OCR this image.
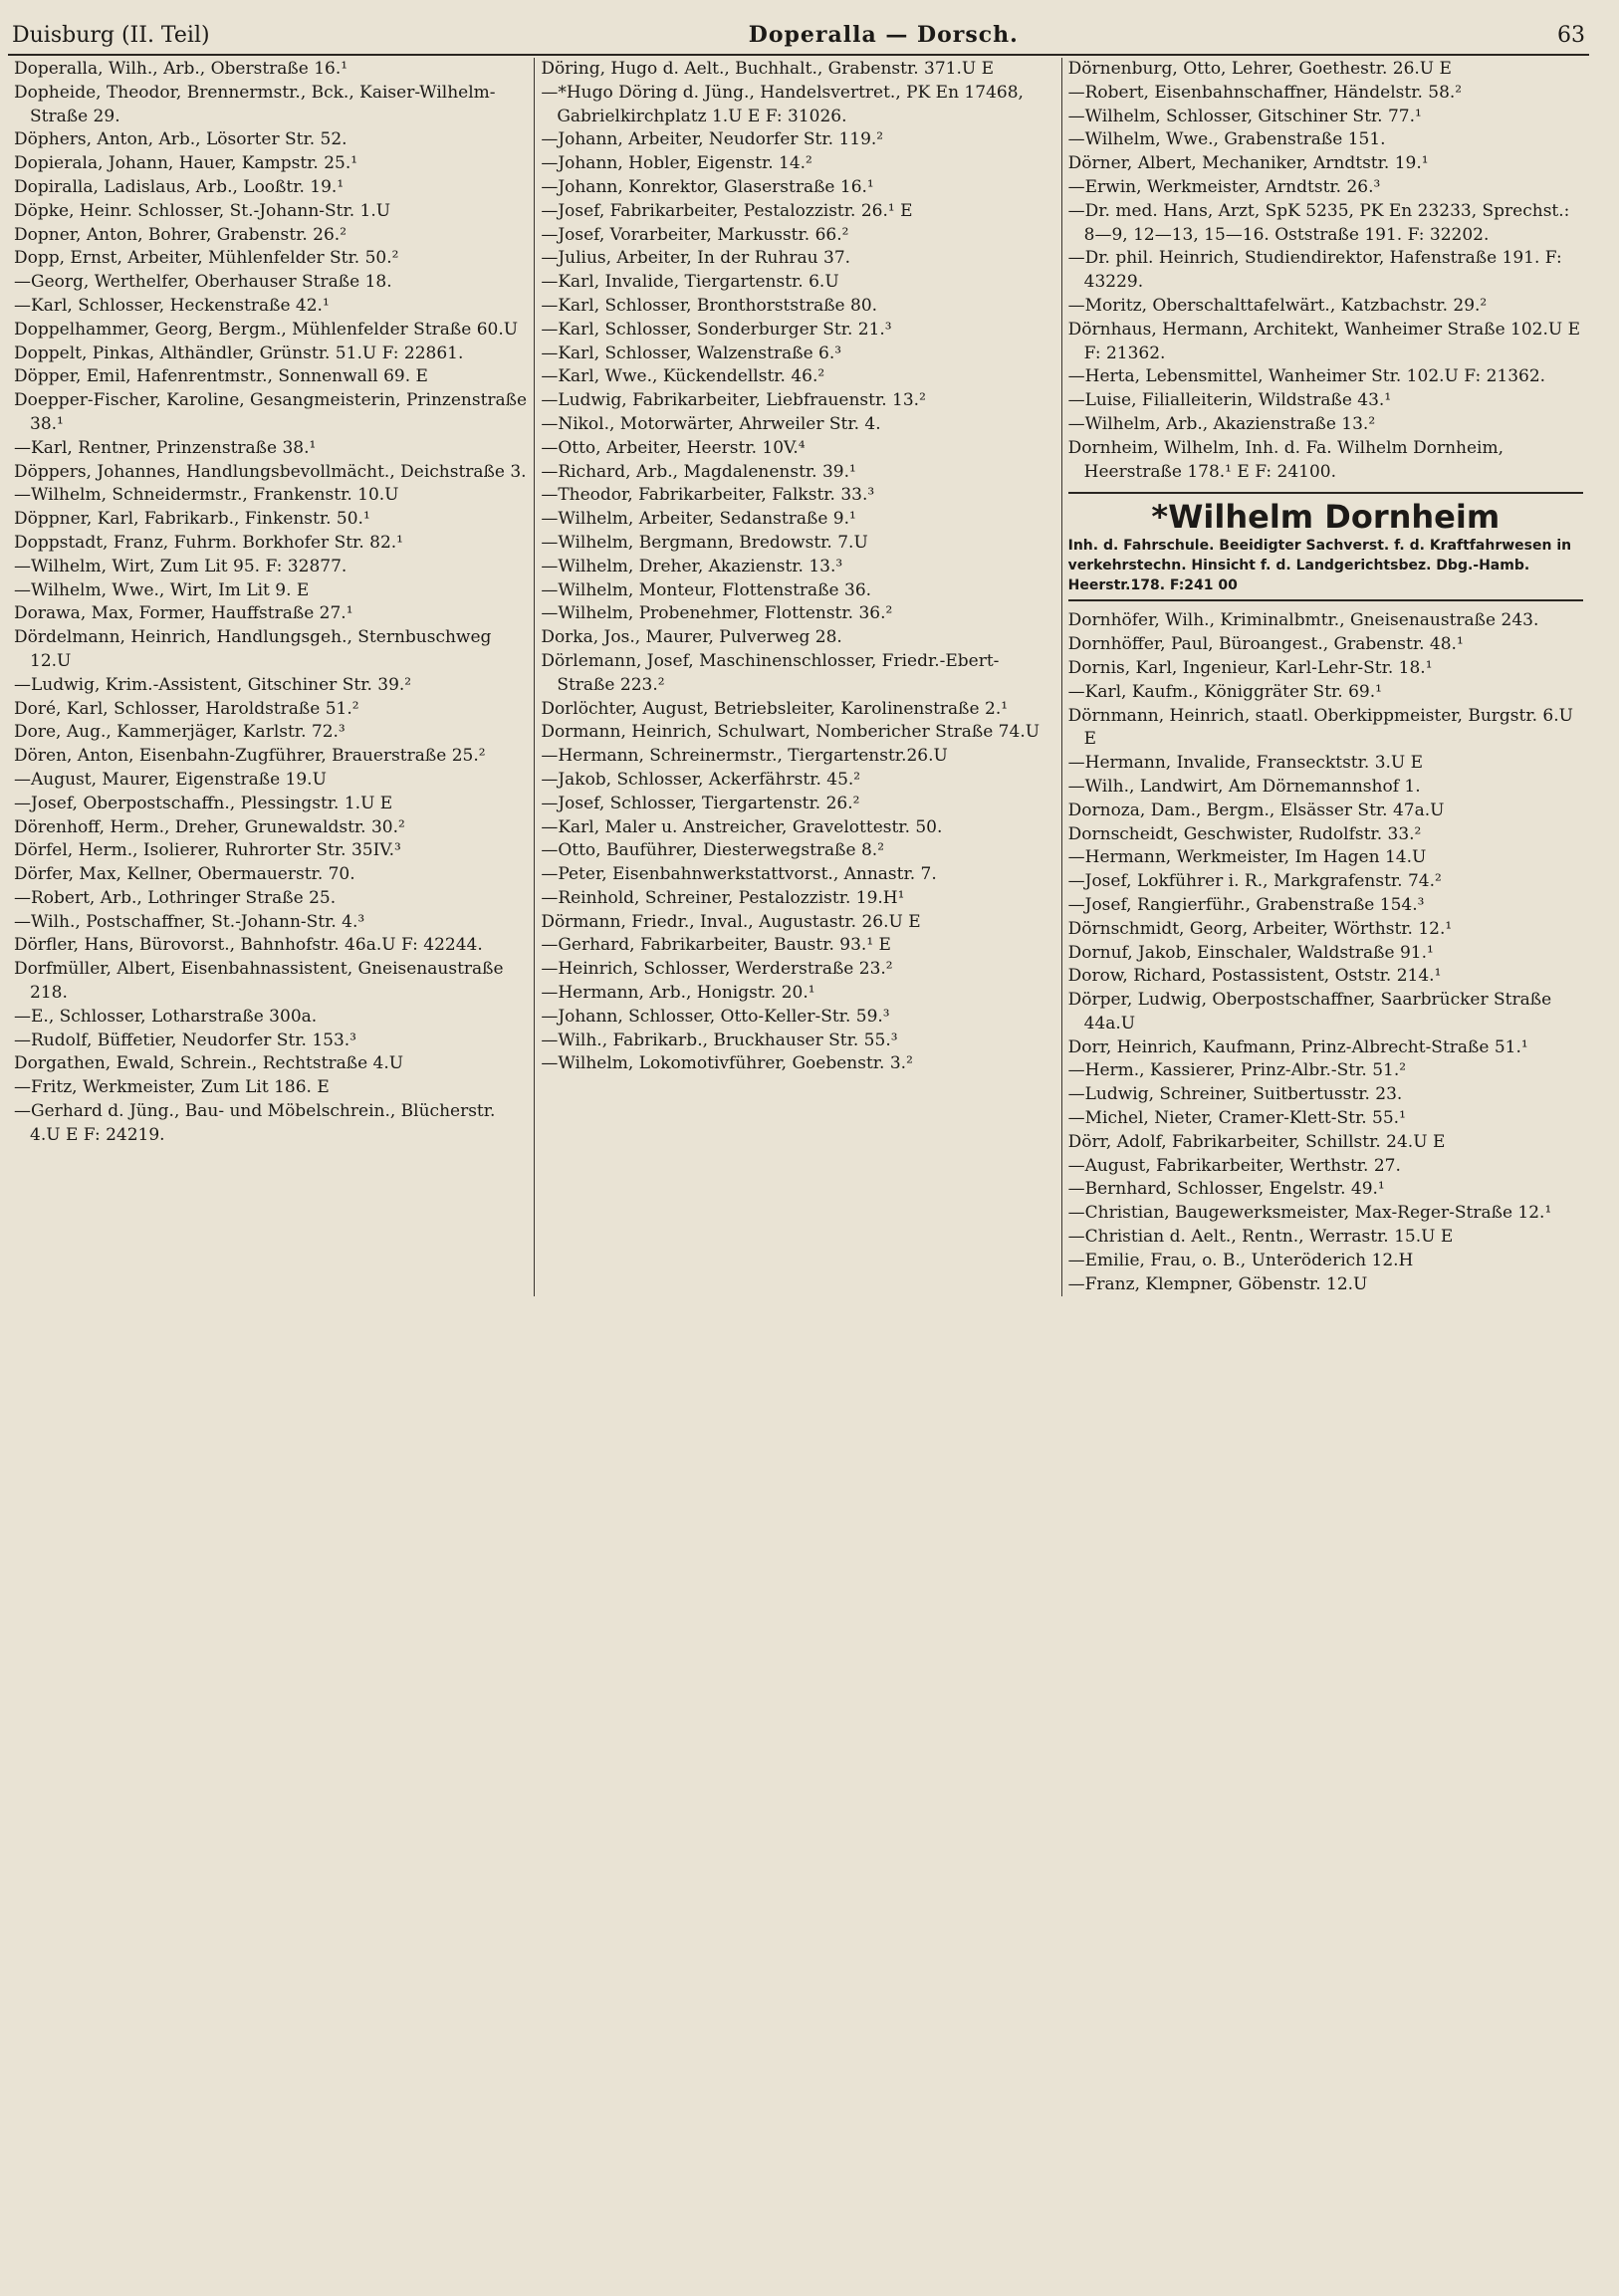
Duisburg (II. Teil)	Doperalla — Dorsch.	63
Doperalla, Wilh., Arb., Oberstraße 16.¹
Dopheide, Theodor, Brennermstr., Bck., Kaiser-Wilhelm-Straße 29.
Döphers, Anton, Arb., Lösorter Str. 52.
Dopierala, Johann, Hauer, Kampstr. 25.¹
Dopiralla, Ladislaus, Arb., Looßtr. 19.¹
Döpke, Heinr. Schlosser, St.-Johann-Str. 1.U
Dopner, Anton, Bohrer, Grabenstr. 26.²
Dopp, Ernst, Arbeiter, Mühlenfelder Str. 50.²
—Georg, Werthelfer, Oberhauser Straße 18.
—Karl, Schlosser, Heckenstraße 42.¹
Doppelhammer, Georg, Bergm., Mühlenfelder Straße 60.U
Doppelt, Pinkas, Althändler, Grünstr. 51.U F: 22861.
Döpper, Emil, Hafenrentmstr., Sonnenwall 69. E
Doepper-Fischer, Karoline, Gesangmeisterin, Prinzenstraße 38.¹
—Karl, Rentner, Prinzenstraße 38.¹
Döppers, Johannes, Handlungsbevollmächt., Deichstraße 3.
—Wilhelm, Schneidermstr., Frankenstr. 10.U
Döppner, Karl, Fabrikarb., Finkenstr. 50.¹
Doppstadt, Franz, Fuhrm. Borkhofer Str. 82.¹
—Wilhelm, Wirt, Zum Lit 95. F: 32877.
—Wilhelm, Wwe., Wirt, Im Lit 9. E
Dorawa, Max, Former, Hauffstraße 27.¹
Dördelmann, Heinrich, Handlungsgeh., Sternbuschweg 12.U
—Ludwig, Krim.-Assistent, Gitschiner Str. 39.²
Doré, Karl, Schlosser, Haroldstraße 51.²
Dore, Aug., Kammerjäger, Karlstr. 72.³
Dören, Anton, Eisenbahn-Zugführer, Brauerstraße 25.²
—August, Maurer, Eigenstraße 19.U
—Josef, Oberpostschaffn., Plessingstr. 1.U E
Dörenhoff, Herm., Dreher, Grunewaldstr. 30.²
Dörfel, Herm., Isolierer, Ruhrorter Str. 35IV.³
Dörfer, Max, Kellner, Obermauerstr. 70.
—Robert, Arb., Lothringer Straße 25.
—Wilh., Postschaffner, St.-Johann-Str. 4.³
Dörfler, Hans, Bürovorst., Bahnhofstr. 46a.U F: 42244.
Dorfmüller, Albert, Eisenbahnassistent, Gneisenaustraße 218.
—E., Schlosser, Lotharstraße 300a.
—Rudolf, Büffetier, Neudorfer Str. 153.³
Dorgathen, Ewald, Schrein., Rechtstraße 4.U
—Fritz, Werkmeister, Zum Lit 186. E
—Gerhard d. Jüng., Bau- und Möbelschrein., Blücherstr. 4.U E F: 24219.
Döring, Hugo d. Aelt., Buchhalt., Grabenstr. 371.U E
—*Hugo Döring d. Jüng., Handelsvertret., PK En 17468, Gabrielkirchplatz 1.U E F: 31026.
—Johann, Arbeiter, Neudorfer Str. 119.²
—Johann, Hobler, Eigenstr. 14.²
—Johann, Konrektor, Glaserstraße 16.¹
—Josef, Fabrikarbeiter, Pestalozzistr. 26.¹ E
—Josef, Vorarbeiter, Markusstr. 66.²
—Julius, Arbeiter, In der Ruhrau 37.
—Karl, Invalide, Tiergartenstr. 6.U
—Karl, Schlosser, Bronthorststraße 80.
—Karl, Schlosser, Sonderburger Str. 21.³
—Karl, Schlosser, Walzenstraße 6.³
—Karl, Wwe., Kückendellstr. 46.²
—Ludwig, Fabrikarbeiter, Liebfrauenstr. 13.²
—Nikol., Motorwärter, Ahrweiler Str. 4.
—Otto, Arbeiter, Heerstr. 10V.⁴
—Richard, Arb., Magdalenenstr. 39.¹
—Theodor, Fabrikarbeiter, Falkstr. 33.³
—Wilhelm, Arbeiter, Sedanstraße 9.¹
—Wilhelm, Bergmann, Bredowstr. 7.U
—Wilhelm, Dreher, Akazienstr. 13.³
—Wilhelm, Monteur, Flottenstraße 36.
—Wilhelm, Probenehmer, Flottenstr. 36.²
Dorka, Jos., Maurer, Pulverweg 28.
Dörlemann, Josef, Maschinenschlosser, Friedr.-Ebert-Straße 223.²
Dorlöchter, August, Betriebsleiter, Karolinenstraße 2.¹
Dormann, Heinrich, Schulwart, Nombericher Straße 74.U
—Hermann, Schreinermstr., Tiergartenstr.26.U
—Jakob, Schlosser, Ackerfährstr. 45.²
—Josef, Schlosser, Tiergartenstr. 26.²
—Karl, Maler u. Anstreicher, Gravelottestr. 50.
—Otto, Bauführer, Diesterwegstraße 8.²
—Peter, Eisenbahnwerkstattvorst., Annastr. 7.
—Reinhold, Schreiner, Pestalozzistr. 19.H¹
Dörmann, Friedr., Inval., Augustastr. 26.U E
—Gerhard, Fabrikarbeiter, Baustr. 93.¹ E
—Heinrich, Schlosser, Werderstraße 23.²
—Hermann, Arb., Honigstr. 20.¹
—Johann, Schlosser, Otto-Keller-Str. 59.³
—Wilh., Fabrikarb., Bruckhauser Str. 55.³
—Wilhelm, Lokomotivführer, Goebenstr. 3.²
Dörnenburg, Otto, Lehrer, Goethestr. 26.U E
—Robert, Eisenbahnschaffner, Händelstr. 58.²
—Wilhelm, Schlosser, Gitschiner Str. 77.¹
—Wilhelm, Wwe., Grabenstraße 151.
Dörner, Albert, Mechaniker, Arndtstr. 19.¹
—Erwin, Werkmeister, Arndtstr. 26.³
—Dr. med. Hans, Arzt, SpK 5235, PK En 23233, Sprechst.: 8—9, 12—13, 15—16. Oststraße 191. F: 32202.
—Dr. phil. Heinrich, Studiendirektor, Hafenstraße 191. F: 43229.
—Moritz, Oberschalttafelwärt., Katzbachstr. 29.²
Dörnhaus, Hermann, Architekt, Wanheimer Straße 102.U E F: 21362.
—Herta, Lebensmittel, Wanheimer Str. 102.U F: 21362.
—Luise, Filialleiterin, Wildstraße 43.¹
—Wilhelm, Arb., Akazienstraße 13.²
Dornheim, Wilhelm, Inh. d. Fa. Wilhelm Dornheim, Heerstraße 178.¹ E F: 24100.
*Wilhelm Dornheim
Inh. d. Fahrschule. Beeidigter Sachverst. f. d. Kraftfahrwesen in verkehrstechn. Hinsicht f. d. Landgerichtsbez. Dbg.-Hamb. Heerstr.178. F:241 00
Dornhöfer, Wilh., Kriminalbmtr., Gneisenaustraße 243.
Dornhöffer, Paul, Büroangest., Grabenstr. 48.¹
Dornis, Karl, Ingenieur, Karl-Lehr-Str. 18.¹
—Karl, Kaufm., Königgräter Str. 69.¹
Dörnmann, Heinrich, staatl. Oberkippmeister, Burgstr. 6.U E
—Hermann, Invalide, Fransecktstr. 3.U E
—Wilh., Landwirt, Am Dörnemannshof 1.
Dornoza, Dam., Bergm., Elsässer Str. 47a.U
Dornscheidt, Geschwister, Rudolfstr. 33.²
—Hermann, Werkmeister, Im Hagen 14.U
—Josef, Lokführer i. R., Markgrafenstr. 74.²
—Josef, Rangierführ., Grabenstraße 154.³
Dörnschmidt, Georg, Arbeiter, Wörthstr. 12.¹
Dornuf, Jakob, Einschaler, Waldstraße 91.¹
Dorow, Richard, Postassistent, Oststr. 214.¹
Dörper, Ludwig, Oberpostschaffner, Saarbrücker Straße 44a.U
Dorr, Heinrich, Kaufmann, Prinz-Albrecht-Straße 51.¹
—Herm., Kassierer, Prinz-Albr.-Str. 51.²
—Ludwig, Schreiner, Suitbertusstr. 23.
—Michel, Nieter, Cramer-Klett-Str. 55.¹
Dörr, Adolf, Fabrikarbeiter, Schillstr. 24.U E
—August, Fabrikarbeiter, Werthstr. 27.
—Bernhard, Schlosser, Engelstr. 49.¹
—Christian, Baugewerksmeister, Max-Reger-Straße 12.¹
—Christian d. Aelt., Rentn., Werrastr. 15.U E
—Emilie, Frau, o. B., Unteröderich 12.H
—Franz, Klempner, Göbenstr. 12.U
